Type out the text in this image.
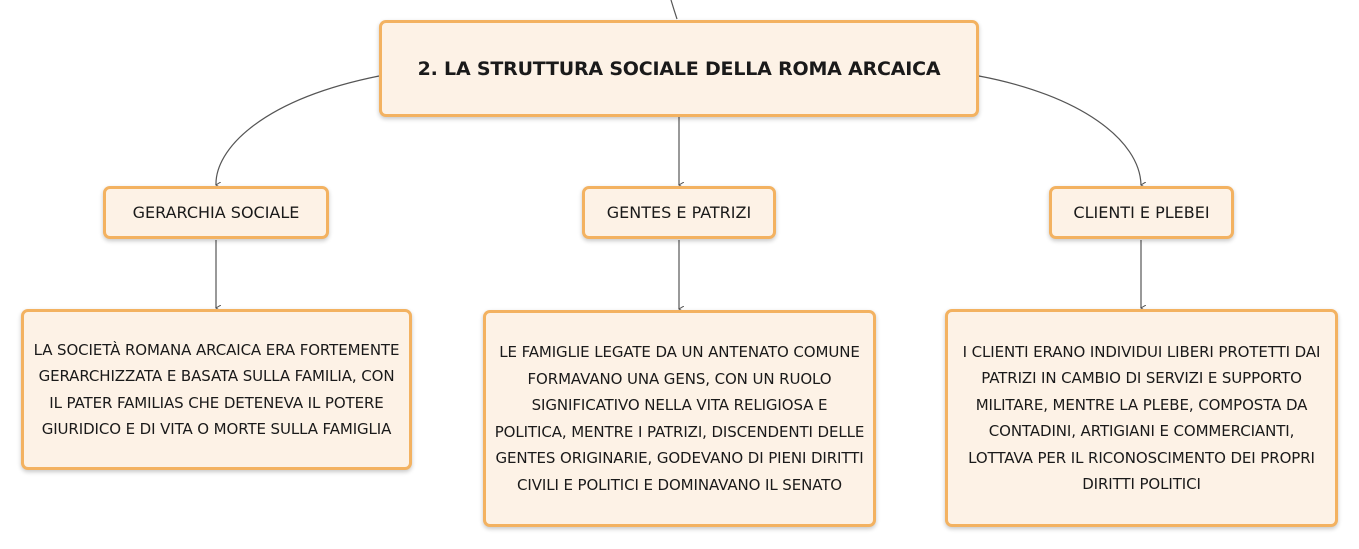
2. LA STRUTTURA SOCIALE DELLA ROMA ARCAICA
GERARCHIA SOCIALE	GENTES E PATRIZI	CLIENTI E PLEBEI
LA SOCIETÀ ROMANA ARCAICA ERA FORTEMENTE GERARCHIZZATA E BASATA SULLA FAMILIA, CON IL PATER FAMILIAS CHE DETENEVA IL POTERE GIURIDICO E DI VITA O MORTE SULLA FAMIGLIA
LE FAMIGLIE LEGATE DA UN ANTENATO COMUNE FORMAVANO UNA GENS, CON UN RUOLO SIGNIFICATIVO NELLA VITA RELIGIOSA E POLITICA, MENTRE I PATRIZI, DISCENDENTI DELLE GENTES ORIGINARIE, GODEVANO DI PIENI DIRITTI CIVILI E POLITICI E DOMINAVANO IL SENATO
I CLIENTI ERANO INDIVIDUI LIBERI PROTETTI DAI PATRIZI IN CAMBIO DI SERVIZI E SUPPORTO MILITARE, MENTRE LA PLEBE, COMPOSTA DA CONTADINI, ARTIGIANI E COMMERCIANTI, LOTTAVA PER IL RICONOSCIMENTO DEI PROPRI DIRITTI POLITICI
